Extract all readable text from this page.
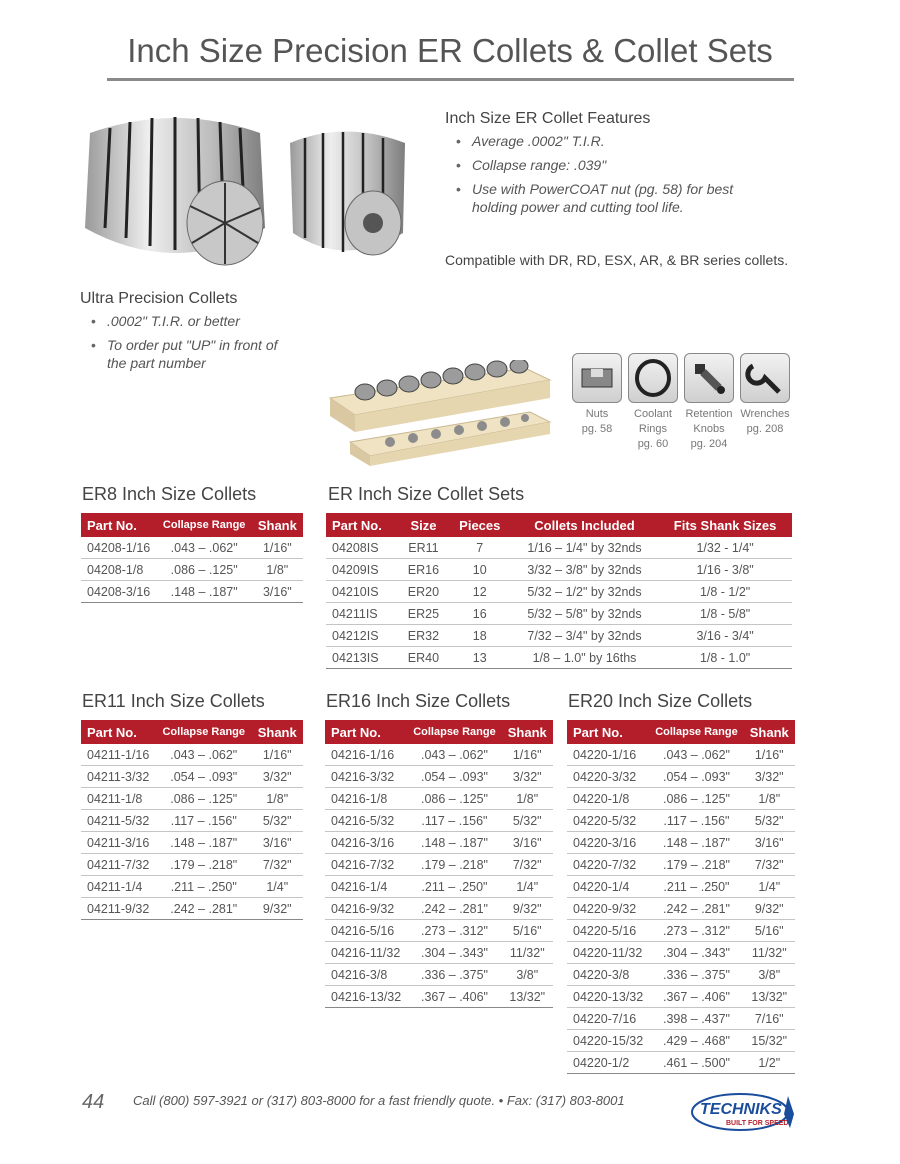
Inch Size Precision ER Collets & Collet Sets
Inch Size ER Collet Features
• Average .0002" T.I.R.
• Collapse range: .039"
• Use with PowerCOAT nut (pg. 58) for best holding power and cutting tool life.
Compatible with DR, RD, ESX, AR, & BR series collets.
Ultra Precision Collets
• .0002" T.I.R. or better
• To order put "UP" in front of the part number
Nuts
pg. 58
Coolant
Rings
pg. 60
Retention
Knobs
pg. 204
Wrenches
pg. 208
ER8 Inch Size Collets
Part No.	Collapse Range	Shank
04208-1/16	.043 – .062"	1/16"
04208-1/8	.086 – .125"	1/8"
04208-3/16	.148 – .187"	3/16"
ER Inch Size Collet Sets
Part No.	Size	Pieces	Collets Included	Fits Shank Sizes
04208IS	ER11	7	1/16 – 1/4" by 32nds	1/32 - 1/4"
04209IS	ER16	10	3/32 – 3/8" by 32nds	1/16 - 3/8"
04210IS	ER20	12	5/32 – 1/2" by 32nds	1/8 - 1/2"
04211IS	ER25	16	5/32 – 5/8" by 32nds	1/8 - 5/8"
04212IS	ER32	18	7/32 – 3/4" by 32nds	3/16 - 3/4"
04213IS	ER40	13	1/8 – 1.0" by 16ths	1/8 - 1.0"
ER11 Inch Size Collets
Part No.	Collapse Range	Shank
04211-1/16	.043 – .062"	1/16"
04211-3/32	.054 – .093"	3/32"
04211-1/8	.086 – .125"	1/8"
04211-5/32	.117 – .156"	5/32"
04211-3/16	.148 – .187"	3/16"
04211-7/32	.179 – .218"	7/32"
04211-1/4	.211 – .250"	1/4"
04211-9/32	.242 – .281"	9/32"
ER16 Inch Size Collets
Part No.	Collapse Range	Shank
04216-1/16	.043 – .062"	1/16"
04216-3/32	.054 – .093"	3/32"
04216-1/8	.086 – .125"	1/8"
04216-5/32	.117 – .156"	5/32"
04216-3/16	.148 – .187"	3/16"
04216-7/32	.179 – .218"	7/32"
04216-1/4	.211 – .250"	1/4"
04216-9/32	.242 – .281"	9/32"
04216-5/16	.273 – .312"	5/16"
04216-11/32	.304 – .343"	11/32"
04216-3/8	.336 – .375"	3/8"
04216-13/32	.367 – .406"	13/32"
ER20 Inch Size Collets
Part No.	Collapse Range	Shank
04220-1/16	.043 – .062"	1/16"
04220-3/32	.054 – .093"	3/32"
04220-1/8	.086 – .125"	1/8"
04220-5/32	.117 – .156"	5/32"
04220-3/16	.148 – .187"	3/16"
04220-7/32	.179 – .218"	7/32"
04220-1/4	.211 – .250"	1/4"
04220-9/32	.242 – .281"	9/32"
04220-5/16	.273 – .312"	5/16"
04220-11/32	.304 – .343"	11/32"
04220-3/8	.336 – .375"	3/8"
04220-13/32	.367 – .406"	13/32"
04220-7/16	.398 – .437"	7/16"
04220-15/32	.429 – .468"	15/32"
04220-1/2	.461 – .500"	1/2"
44 Call (800) 597-3921 or (317) 803-8000 for a fast friendly quote. • Fax: (317) 803-8001
TECHNIKS
BUILT FOR SPEED
